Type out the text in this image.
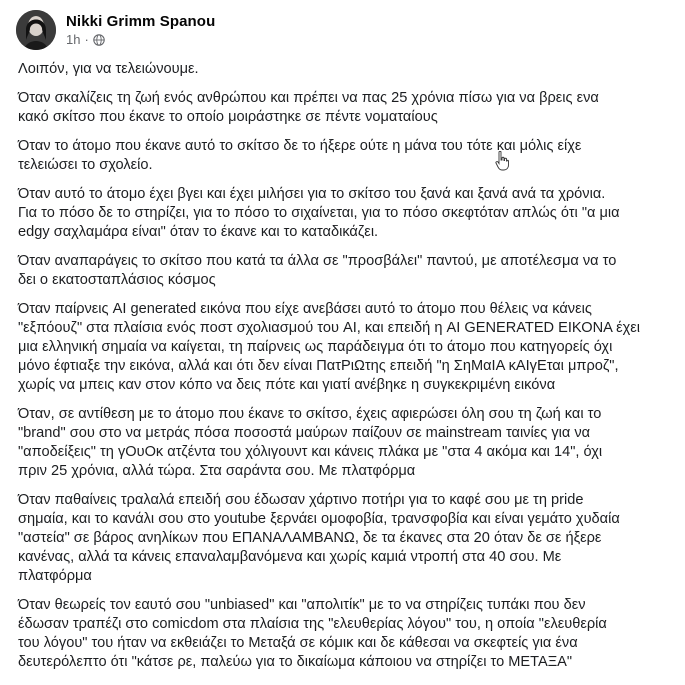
Nikki Grimm Spanou
1h ·

Λοιπόν, για να τελειώνουμε.

Όταν σκαλίζεις τη ζωή ενός ανθρώπου και πρέπει να πας 25 χρόνια πίσω για να βρεις ενα
κακό σκίτσο που έκανε το οποίο μοιράστηκε σε πέντε νοματαίους

Όταν το άτομο που έκανε αυτό το σκίτσο δε το ήξερε ούτε η μάνα του τότε και μόλις είχε
τελειώσει το σχολείο.

Όταν αυτό το άτομο έχει βγει και έχει μιλήσει για το σκίτσο του ξανά και ξανά ανά τα χρόνια.
Για το πόσο δε το στηρίζει, για το πόσο το σιχαίνεται, για το πόσο σκεφτόταν απλώς ότι "α μια
edgy σαχλαμάρα είναι" όταν το έκανε και το καταδικάζει.

Όταν αναπαράγεις το σκίτσο που κατά τα άλλα σε "προσβάλει" παντού, με αποτέλεσμα να το
δει ο εκατοσταπλάσιος κόσμος

Όταν παίρνεις AI generated εικόνα που είχε ανεβάσει αυτό το άτομο που θέλεις να κάνεις
"εξπόουζ" στα πλαίσια ενός ποστ σχολιασμού του AI, και επειδή η AI GENERATED ΕΙΚΟΝΑ έχει
μια ελληνική σημαία να καίγεται, τη παίρνεις ως παράδειγμα ότι το άτομο που κατηγορείς όχι
μόνο έφτιαξε την εικόνα, αλλά και ότι δεν είναι ΠατΡιΩτης επειδή "η ΣηΜαΙΑ κΑΙγΕται μπροζ",
χωρίς να μπεις καν στον κόπο να δεις πότε και γιατί ανέβηκε η συγκεκριμένη εικόνα

Όταν, σε αντίθεση με το άτομο που έκανε το σκίτσο, έχεις αφιερώσει όλη σου τη ζωή και το
"brand" σου στο να μετράς πόσα ποσοστά μαύρων παίζουν σε mainstream ταινίες για να
"αποδείξεις" τη γΟυΟκ ατζέντα του χόλιγουντ και κάνεις πλάκα με "στα 4 ακόμα και 14", όχι
πριν 25 χρόνια, αλλά τώρα. Στα σαράντα σου. Με πλατφόρμα

Όταν παθαίνεις τραλαλά επειδή σου έδωσαν χάρτινο ποτήρι για το καφέ σου με τη pride
σημαία, και το κανάλι σου στο youtube ξερνάει ομοφοβία, τρανσφοβία και είναι γεμάτο χυδαία
"αστεία" σε βάρος ανηλίκων που ΕΠΑΝΑΛΑΜΒΑΝΩ, δε τα έκανες στα 20 όταν δε σε ήξερε
κανένας, αλλά τα κάνεις επαναλαμβανόμενα και χωρίς καμιά ντροπή στα 40 σου. Με
πλατφόρμα

Όταν θεωρείς τον εαυτό σου "unbiased" και "απολιτίκ" με το να στηρίζεις τυπάκι που δεν
έδωσαν τραπέζι στο comicdom στα πλαίσια της "ελευθερίας λόγου" του, η οποία "ελευθερία
του λόγου" του ήταν να εκθειάζει το Μεταξά σε κόμικ και δε κάθεσαι να σκεφτείς για ένα
δευτερόλεπτο ότι "κάτσε ρε, παλεύω για το δικαίωμα κάποιου να στηρίζει το ΜΕΤΑΞΑ"
